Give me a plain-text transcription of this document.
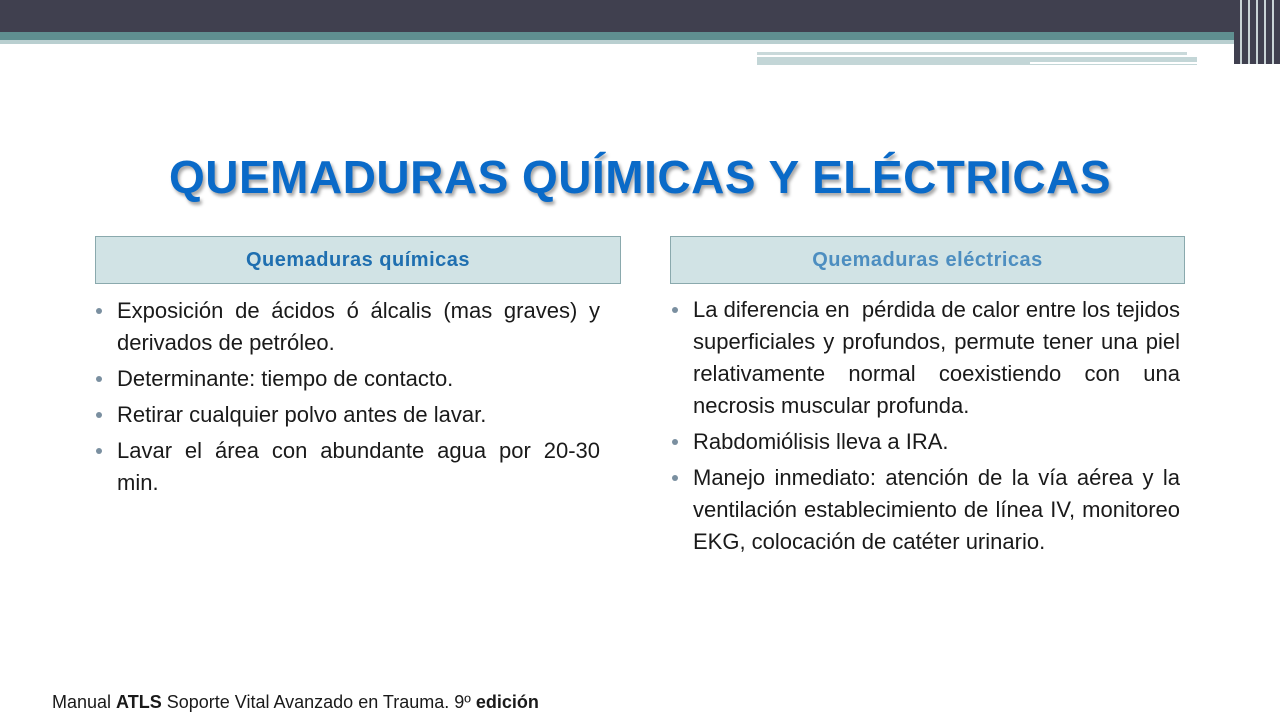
QUEMADURAS QUÍMICAS Y ELÉCTRICAS
Quemaduras químicas	Quemaduras eléctricas
Exposición de ácidos ó álcalis (mas graves) y derivados de petróleo.
Determinante: tiempo de contacto.
Retirar cualquier polvo antes de lavar.
Lavar el área con abundante agua por 20-30 min.
La diferencia en  pérdida de calor entre los tejidos superficiales y profundos, permute tener una piel relativamente normal coexistiendo con una necrosis muscular profunda.
Rabdomiólisis lleva a IRA.
Manejo inmediato: atención de la vía aérea y la ventilación establecimiento de línea IV, monitoreo EKG, colocación de catéter urinario.
Manual ATLS Soporte Vital Avanzado en Trauma. 9º edición
